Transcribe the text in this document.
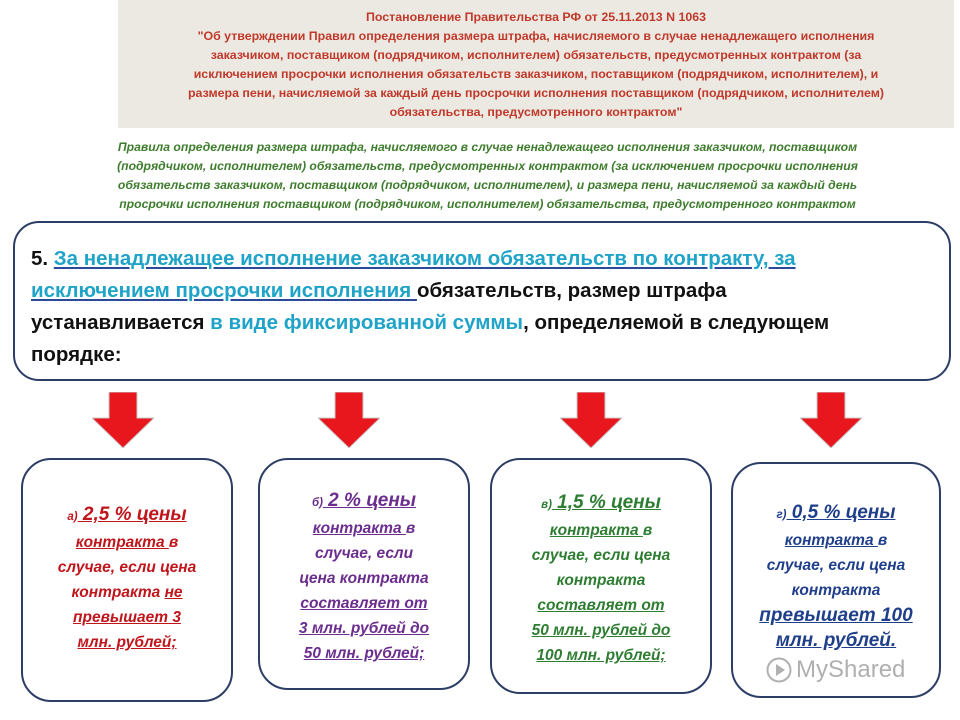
Постановление Правительства РФ от 25.11.2013 N 1063
"Об утверждении Правил определения размера штрафа, начисляемого в случае ненадлежащего исполнения
заказчиком, поставщиком (подрядчиком, исполнителем) обязательств, предусмотренных контрактом (за
исключением просрочки исполнения обязательств заказчиком, поставщиком (подрядчиком, исполнителем), и
размера пени, начисляемой за каждый день просрочки исполнения поставщиком (подрядчиком, исполнителем)
обязательства, предусмотренного контрактом"
Правила определения размера штрафа, начисляемого в случае ненадлежащего исполнения заказчиком, поставщиком
(подрядчиком, исполнителем) обязательств, предусмотренных контрактом (за исключением просрочки исполнения
обязательств заказчиком, поставщиком (подрядчиком, исполнителем), и размера пени, начисляемой за каждый день
просрочки исполнения поставщиком (подрядчиком, исполнителем) обязательства, предусмотренного контрактом
5. За ненадлежащее исполнение заказчиком обязательств по контракту, за
исключением просрочки исполнения обязательств, размер штрафа
устанавливается в виде фиксированной суммы, определяемой в следующем
порядке:
а) 2,5 % цены
контракта в
случае, если цена
контракта не
превышает 3
млн. рублей;
б) 2 % цены
контракта в
случае, если
цена контракта
составляет от
3 млн. рублей до
50 млн. рублей;
в) 1,5 % цены
контракта в
случае, если цена
контракта
составляет от
50 млн. рублей до
100 млн. рублей;
г) 0,5 % цены
контракта в
случае, если цена
контракта
превышает 100
млн. рублей.
MyShared
